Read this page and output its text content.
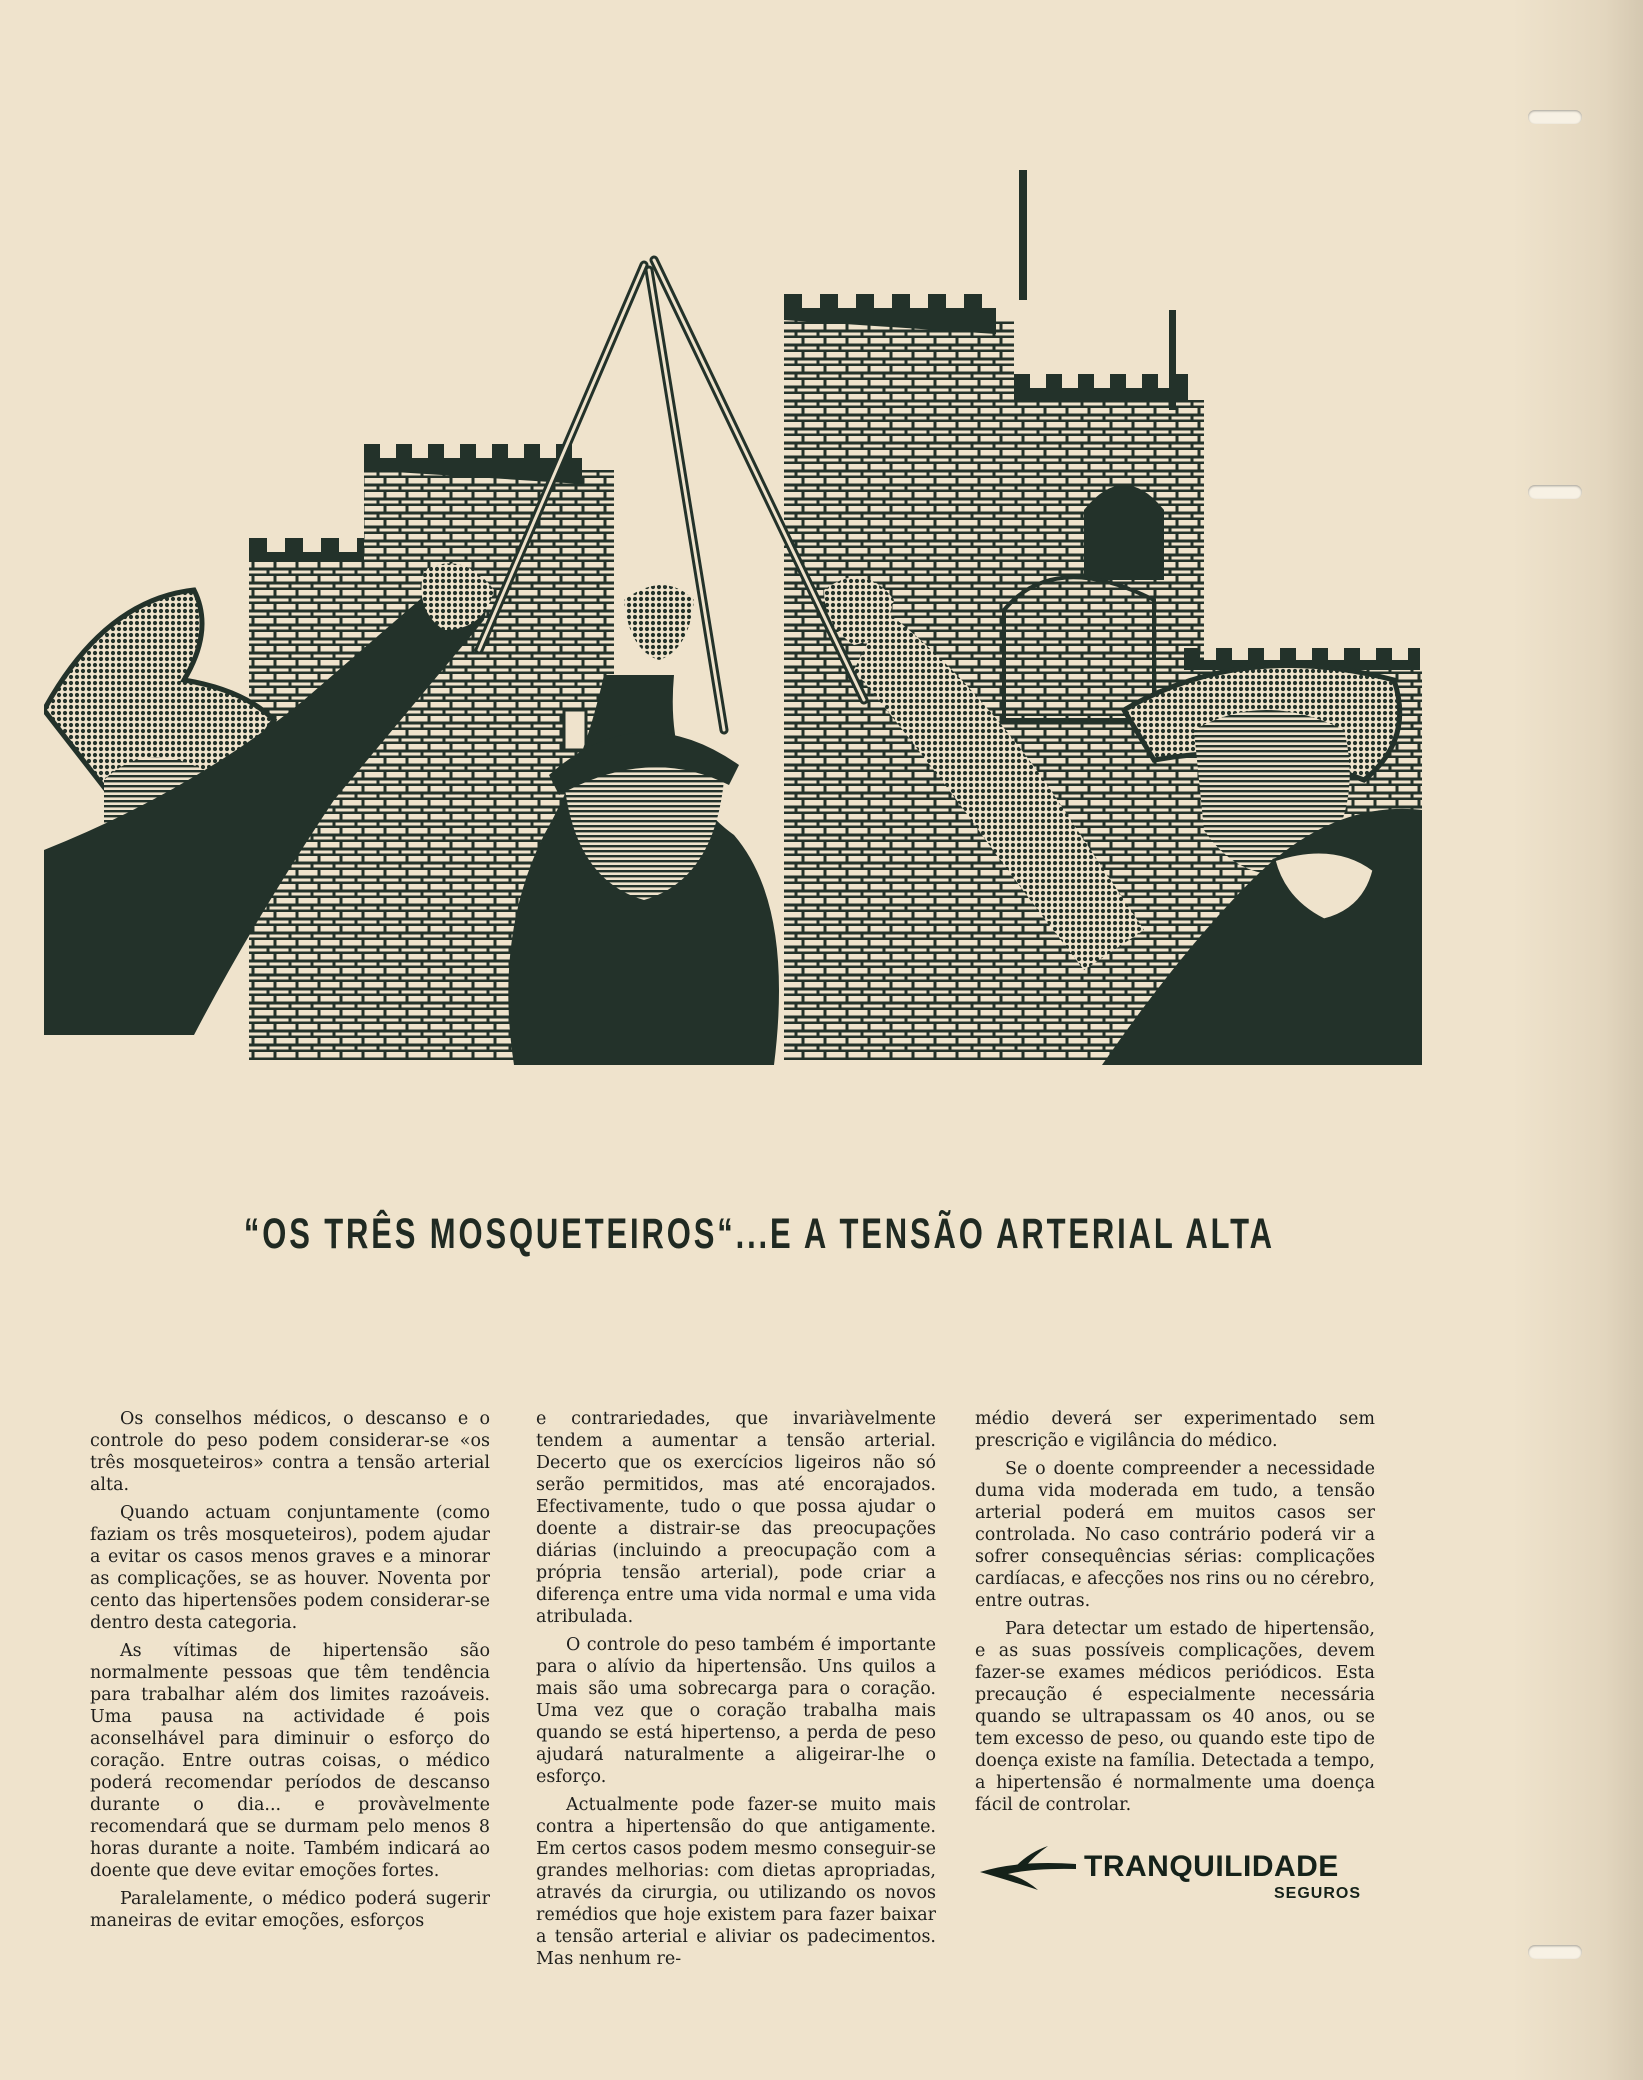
“OS TRÊS MOSQUETEIROS“...E A TENSÃO ARTERIAL ALTA

Os conselhos médicos, o descanso e o controle do peso podem considerar-se «os três mosqueteiros» contra a tensão arterial alta.

Quando actuam conjuntamente (como faziam os três mosqueteiros), podem ajudar a evitar os casos menos graves e a minorar as complicações, se as houver. Noventa por cento das hipertensões podem considerar-se dentro desta categoria.

As vítimas de hipertensão são normalmente pessoas que têm tendência para trabalhar além dos limites razoáveis. Uma pausa na actividade é pois aconselhável para diminuir o esforço do coração. Entre outras coisas, o médico poderá recomendar períodos de descanso durante o dia... e provàvelmente recomendará que se durmam pelo menos 8 horas durante a noite. Também indicará ao doente que deve evitar emoções fortes.

Paralelamente, o médico poderá sugerir maneiras de evitar emoções, esforços

e contrariedades, que invariàvelmente tendem a aumentar a tensão arterial. Decerto que os exercícios ligeiros não só serão permitidos, mas até encorajados. Efectivamente, tudo o que possa ajudar o doente a distrair-se das preocupações diárias (incluindo a preocupação com a própria tensão arterial), pode criar a diferença entre uma vida normal e uma vida atribulada.

O controle do peso também é importante para o alívio da hipertensão. Uns quilos a mais são uma sobrecarga para o coração. Uma vez que o coração trabalha mais quando se está hipertenso, a perda de peso ajudará naturalmente a aligeirar-lhe o esforço.

Actualmente pode fazer-se muito mais contra a hipertensão do que antigamente. Em certos casos podem mesmo conseguir-se grandes melhorias: com dietas apropriadas, através da cirurgia, ou utilizando os novos remédios que hoje existem para fazer baixar a tensão arterial e aliviar os padecimentos. Mas nenhum re-

médio deverá ser experimentado sem prescrição e vigilância do médico.

Se o doente compreender a necessidade duma vida moderada em tudo, a tensão arterial poderá em muitos casos ser controlada. No caso contrário poderá vir a sofrer consequências sérias: complicações cardíacas, e afecções nos rins ou no cérebro, entre outras.

Para detectar um estado de hipertensão, e as suas possíveis complicações, devem fazer-se exames médicos periódicos. Esta precaução é especialmente necessária quando se ultrapassam os 40 anos, ou se tem excesso de peso, ou quando este tipo de doença existe na família. Detectada a tempo, a hipertensão é normalmente uma doença fácil de controlar.

TRANQUILIDADE
SEGUROS
